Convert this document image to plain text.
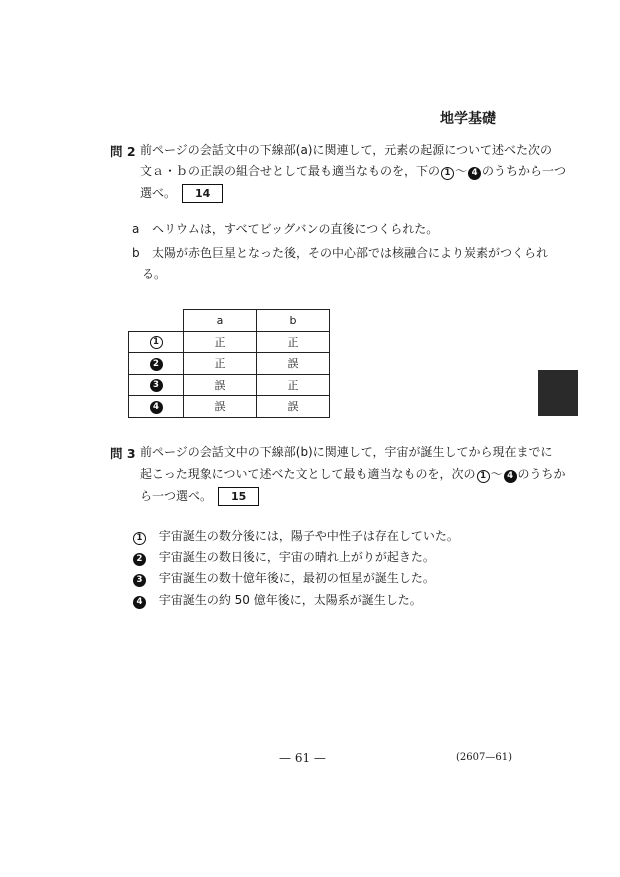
地学基礎
問 2 前ページの会話文中の下線部(a)に関連して，元素の起源について述べた次の
文ａ・ｂの正誤の組合せとして最も適当なものを，下の 1 〜 4 のうちから一つ
選べ。 14
a ヘリウムは，すべてビッグバンの直後につくられた。
b 太陽が赤色巨星となった後，その中心部では核融合により炭素がつくられ
る。
	a	b
1	正	正
2	正	誤
3	誤	正
4	誤	誤
問 3 前ページの会話文中の下線部(b)に関連して，宇宙が誕生してから現在までに
起こった現象について述べた文として最も適当なものを，次の 1 〜 4 のうちか
ら一つ選べ。 15
1 宇宙誕生の数分後には，陽子や中性子は存在していた。
2 宇宙誕生の数日後に，宇宙の晴れ上がりが起きた。
3 宇宙誕生の数十億年後に，最初の恒星が誕生した。
4 宇宙誕生の約 50 億年後に，太陽系が誕生した。
— 61 —	(2607—61)
